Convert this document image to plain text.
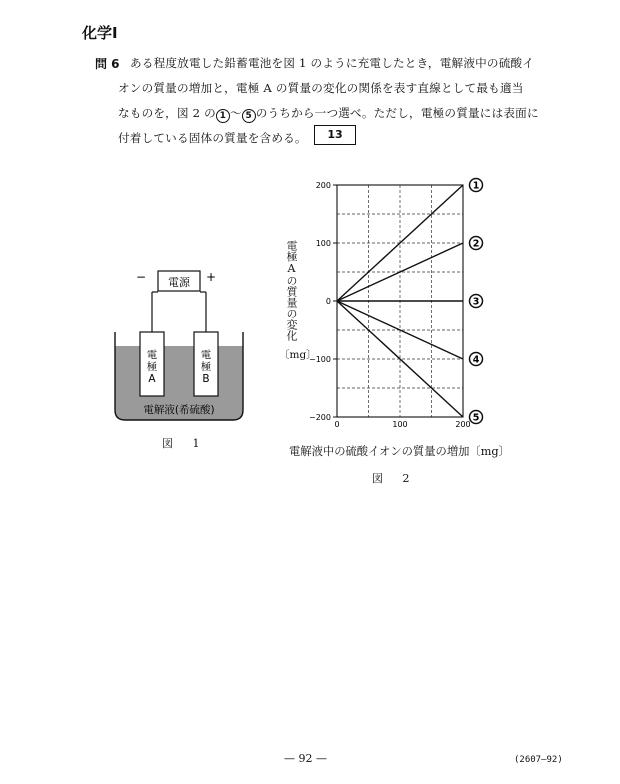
化学Ⅰ
問 6 ある程度放電した鉛蓄電池を図 1 のように充電したとき，電解液中の硫酸イ
オンの質量の増加と，電極 A の質量の変化の関係を表す直線として最も適当
なものを，図 2 の 1 ～ 5 のうちから一つ選べ。ただし，電極の質量には表面に
付着している固体の質量を含める。	13
−	+
電源
電
極
A
電
極
B
電解液(希硫酸)
図 1
電極Aの質量の変化
〔mg〕
200
100
0
−100
−200
0	100	200
1
2
3
4
5
電解液中の硫酸イオンの質量の増加〔mg〕
図 2
— 92 —	(2607—92)
